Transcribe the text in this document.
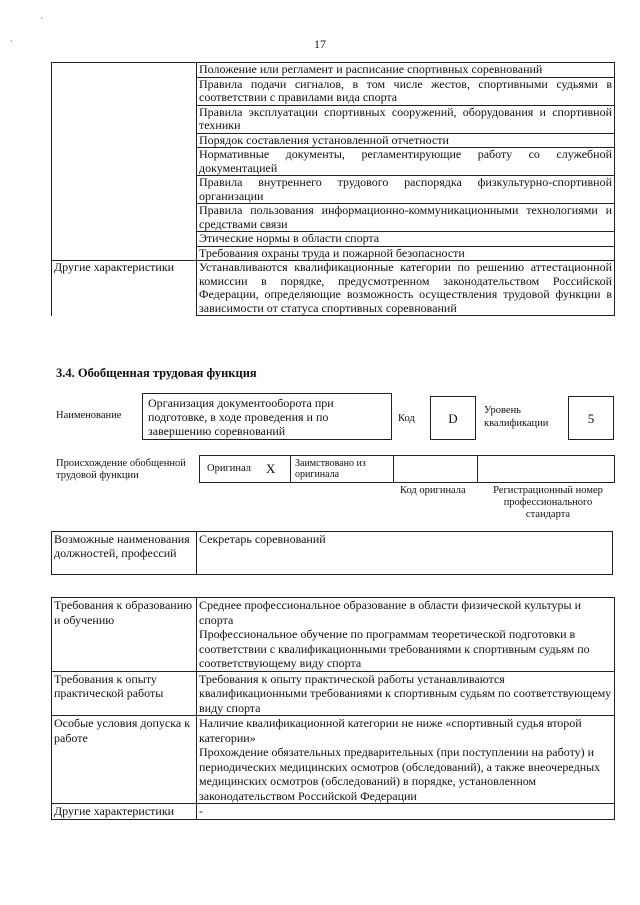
˴
`	17
	Положение или регламент и расписание спортивных соревнований
	Правила подачи сигналов, в том числе жестов, спортивными судьями в соответствии с правилами вида спорта
	Правила эксплуатации спортивных сооружений, оборудования и спортивной техники
	Порядок составления установленной отчетности
	Нормативные документы, регламентирующие работу со служебной документацией
	Правила внутреннего трудового распорядка физкультурно-спортивной организации
	Правила пользования информационно-коммуникационными технологиями и средствами связи
	Этические нормы в области спорта
	Требования охраны труда и пожарной безопасности
Другие характеристики	Устанавливаются квалификационные категории по решению аттестационной комиссии в порядке, предусмотренном законодательством Российской Федерации, определяющие возможность осуществления трудовой функции в зависимости от статуса спортивных соревнований
3.4. Обобщенная трудовая функция
Наименование
Организация документооборота при подготовке, в ходе проведения и по завершению соревнований
Код	D
Уровень квалификации	5
Происхождение обобщенной трудовой функции
Оригинал X	Заимствовано из оригинала
Код оригинала	Регистрационный номер профессионального стандарта
Возможные наименования должностей, профессий	Секретарь соревнований
Требования к образованию и обучению	Среднее профессиональное образование в области физической культуры и спорта
Профессиональное обучение по программам теоретической подготовки в соответствии с квалификационными требованиями к спортивным судьям по соответствующему виду спорта
Требования к опыту практической работы	Требования к опыту практической работы устанавливаются квалификационными требованиями к спортивным судьям по соответствующему виду спорта
Особые условия допуска к работе	Наличие квалификационной категории не ниже «спортивный судья второй категории»
Прохождение обязательных предварительных (при поступлении на работу) и периодических медицинских осмотров (обследований), а также внеочередных медицинских осмотров (обследований) в порядке, установленном законодательством Российской Федерации
Другие характеристики	-
